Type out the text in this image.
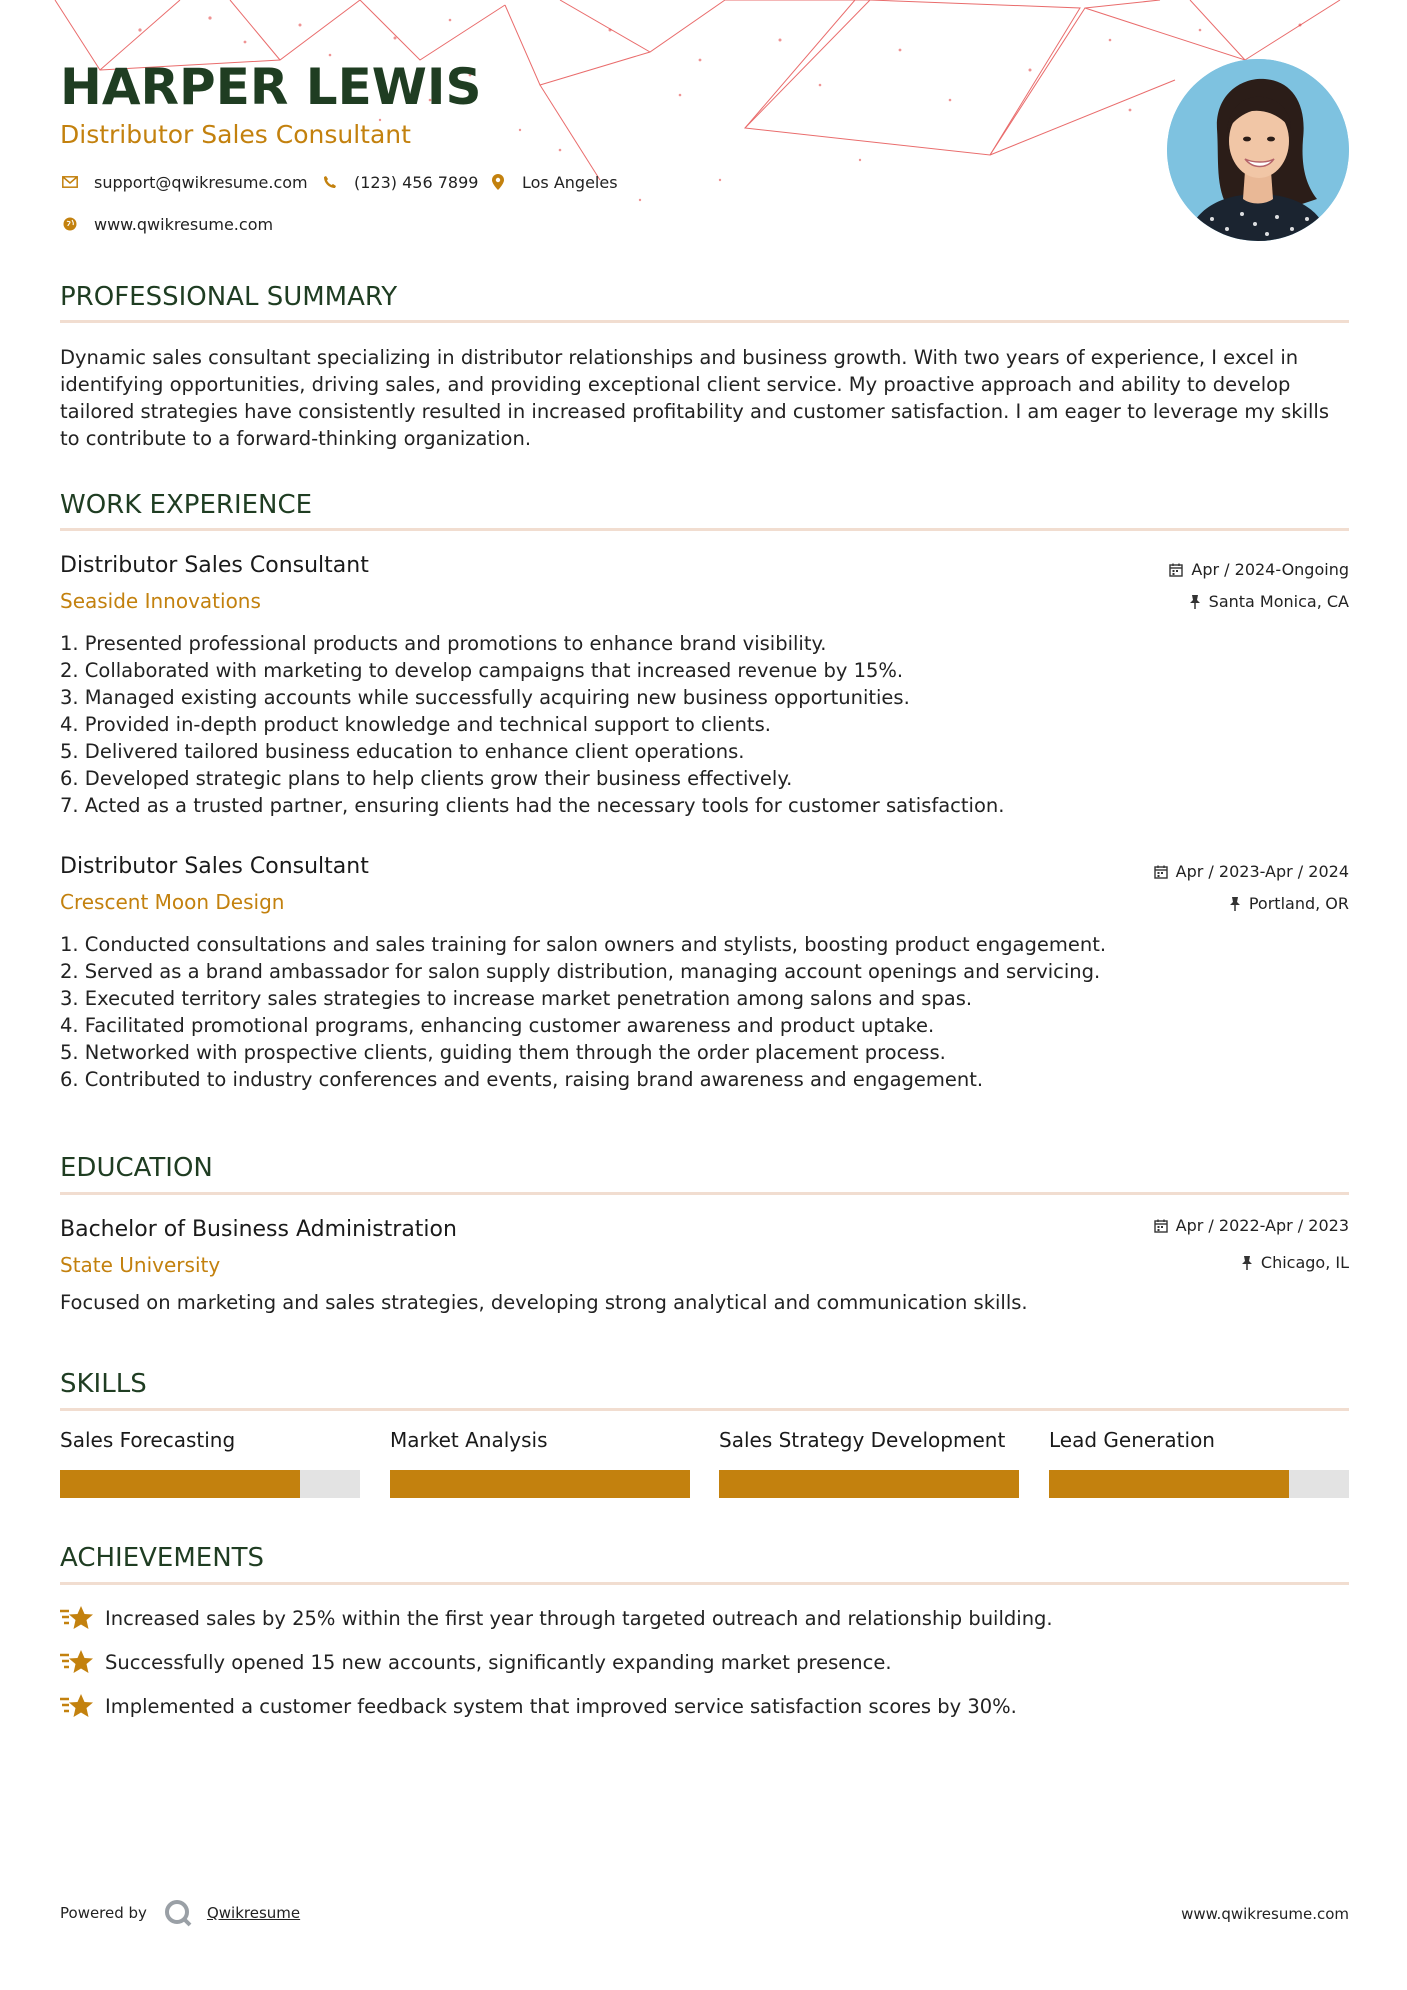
HARPER LEWIS
Distributor Sales Consultant
support@qwikresume.com	(123) 456 7899	Los Angeles
www.qwikresume.com
PROFESSIONAL SUMMARY
Dynamic sales consultant specializing in distributor relationships and business growth. With two years of experience, I excel in identifying opportunities, driving sales, and providing exceptional client service. My proactive approach and ability to develop tailored strategies have consistently resulted in increased profitability and customer satisfaction. I am eager to leverage my skills to contribute to a forward-thinking organization.
WORK EXPERIENCE
Distributor Sales Consultant
Seaside Innovations
Apr / 2024-Ongoing
Santa Monica, CA
1. Presented professional products and promotions to enhance brand visibility.
2. Collaborated with marketing to develop campaigns that increased revenue by 15%.
3. Managed existing accounts while successfully acquiring new business opportunities.
4. Provided in-depth product knowledge and technical support to clients.
5. Delivered tailored business education to enhance client operations.
6. Developed strategic plans to help clients grow their business effectively.
7. Acted as a trusted partner, ensuring clients had the necessary tools for customer satisfaction.
Distributor Sales Consultant
Crescent Moon Design
Apr / 2023-Apr / 2024
Portland, OR
1. Conducted consultations and sales training for salon owners and stylists, boosting product engagement.
2. Served as a brand ambassador for salon supply distribution, managing account openings and servicing.
3. Executed territory sales strategies to increase market penetration among salons and spas.
4. Facilitated promotional programs, enhancing customer awareness and product uptake.
5. Networked with prospective clients, guiding them through the order placement process.
6. Contributed to industry conferences and events, raising brand awareness and engagement.
EDUCATION
Bachelor of Business Administration
State University
Apr / 2022-Apr / 2023
Chicago, IL
Focused on marketing and sales strategies, developing strong analytical and communication skills.
SKILLS
Sales Forecasting	Market Analysis	Sales Strategy Development	Lead Generation
ACHIEVEMENTS
Increased sales by 25% within the first year through targeted outreach and relationship building.
Successfully opened 15 new accounts, significantly expanding market presence.
Implemented a customer feedback system that improved service satisfaction scores by 30%.
Powered by	Qwikresume	www.qwikresume.com
